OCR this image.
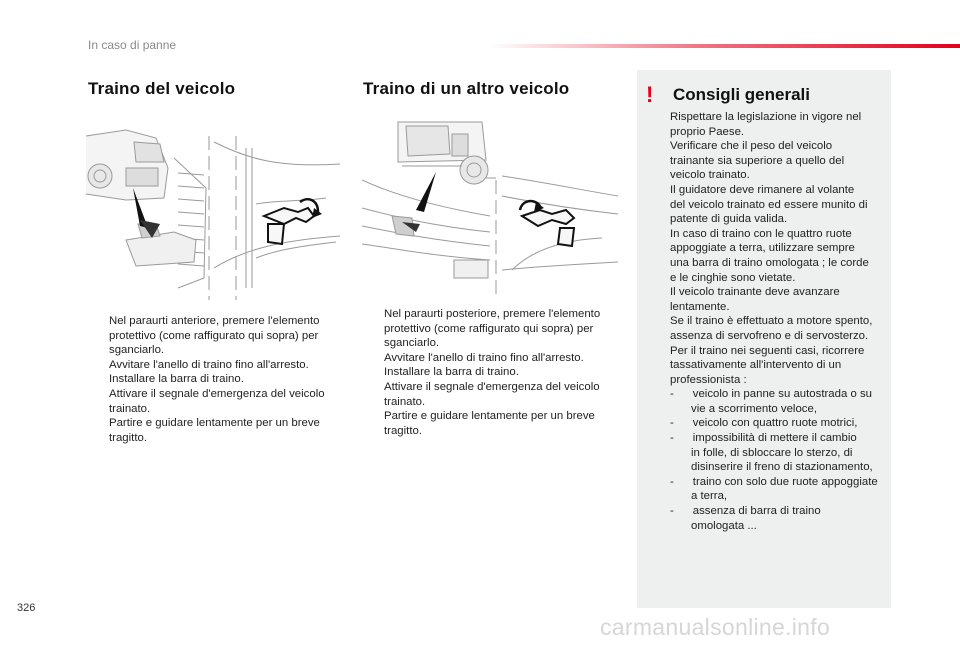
In caso di panne
Traino del veicolo
Nel paraurti anteriore, premere l'elemento protettivo (come raffigurato qui sopra) per sganciarlo.
Avvitare l'anello di traino fino all'arresto.
Installare la barra di traino.
Attivare il segnale d'emergenza del veicolo trainato.
Partire e guidare lentamente per un breve tragitto.
Traino di un altro veicolo
Nel paraurti posteriore, premere l'elemento protettivo (come raffigurato qui sopra) per sganciarlo.
Avvitare l'anello di traino fino all'arresto.
Installare la barra di traino.
Attivare il segnale d'emergenza del veicolo trainato.
Partire e guidare lentamente per un breve tragitto.
! Consigli generali
Rispettare la legislazione in vigore nel
proprio Paese.
Verificare che il peso del veicolo
trainante sia superiore a quello del
veicolo trainato.
Il guidatore deve rimanere al volante
del veicolo trainato ed essere munito di
patente di guida valida.
In caso di traino con le quattro ruote
appoggiate a terra, utilizzare sempre
una barra di traino omologata ; le corde
e le cinghie sono vietate.
Il veicolo trainante deve avanzare
lentamente.
Se il traino è effettuato a motore spento,
assenza di servofreno e di servosterzo.
Per il traino nei seguenti casi, ricorrere
tassativamente all'intervento di un
professionista :
-      veicolo in panne su autostrada o su
vie a scorrimento veloce,
-      veicolo con quattro ruote motrici,
-      impossibilità di mettere il cambio
in folle, di sbloccare lo sterzo, di
disinserire il freno di stazionamento,
-      traino con solo due ruote appoggiate
a terra,
-      assenza di barra di traino
omologata ...
326
carmanualsonline.info
